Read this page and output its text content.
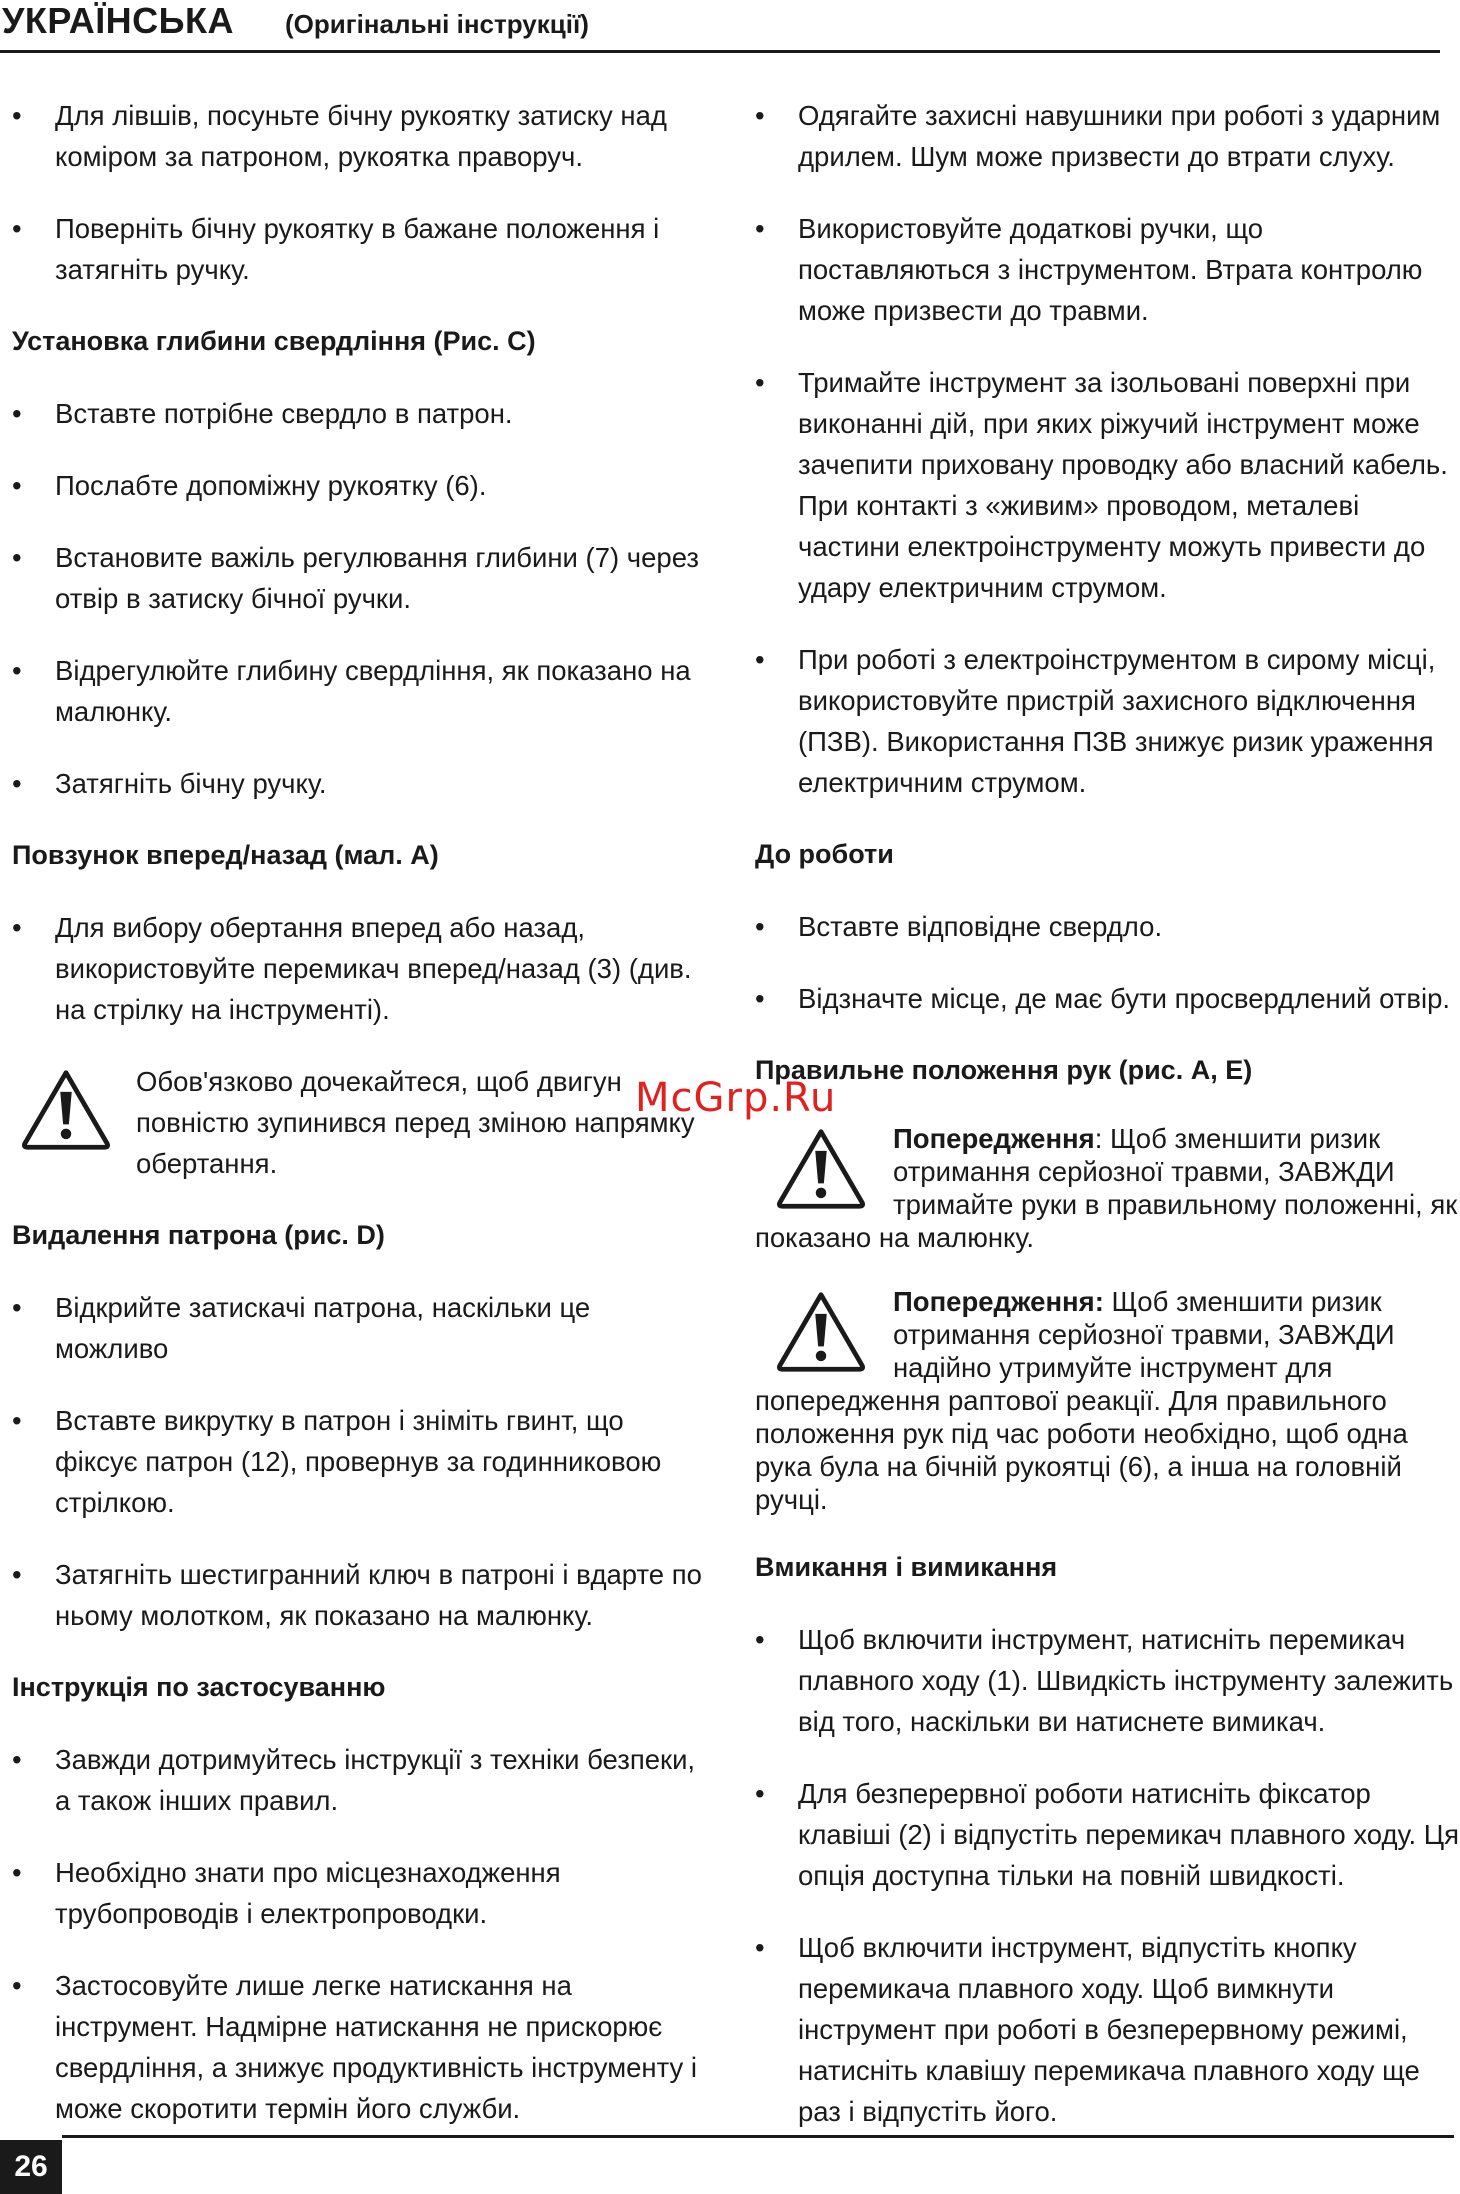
УКРАЇНСЬКА (Оригінальні інструкції)
•	Для лівшів, посуньте бічну рукоятку затиску над коміром за патроном, рукоятка праворуч.
•	Поверніть бічну рукоятку в бажане положення і затягніть ручку.
Установка глибини свердління (Рис. C)
•	Вставте потрібне свердло в патрон.
•	Послабте допоміжну рукоятку (6).
•	Встановите важіль регулювання глибини (7) через отвір в затиску бічної ручки.
•	Відрегулюйте глибину свердління, як показано на малюнку.
•	Затягніть бічну ручку.
Повзунок вперед/назад (мал. A)
•	Для вибору обертання вперед або назад, використовуйте перемикач вперед/назад (3) (див. на стрілку на інструменті).
Обов'язково дочекайтеся, щоб двигун повністю зупинився перед зміною напрямку обертання.
Видалення патрона (рис. D)
•	Відкрийте затискачі патрона, наскільки це можливо
•	Вставте викрутку в патрон і зніміть гвинт, що фіксує патрон (12), провернув за годинниковою стрілкою.
•	Затягніть шестигранний ключ в патроні і вдарте по ньому молотком, як показано на малюнку.
Інструкція по застосуванню
•	Завжди дотримуйтесь інструкції з техніки безпеки, а також інших правил.
•	Необхідно знати про місцезнаходження трубопроводів і електропроводки.
•	Застосовуйте лише легке натискання на інструмент. Надмірне натискання не прискорює свердління, а знижує продуктивність інструменту і може скоротити термін його служби.
•	Одягайте захисні навушники при роботі з ударним дрилем. Шум може призвести до втрати слуху.
•	Використовуйте додаткові ручки, що поставляються з інструментом. Втрата контролю може призвести до травми.
•	Тримайте інструмент за ізольовані поверхні при виконанні дій, при яких ріжучий інструмент може зачепити приховану проводку або власний кабель. При контакті з «живим» проводом, металеві частини електроінструменту можуть привести до удару електричним струмом.
•	При роботі з електроінструментом в сирому місці, використовуйте пристрій захисного відключення (ПЗВ). Використання ПЗВ знижує ризик ураження електричним струмом.
До роботи
•	Вставте відповідне свердло.
•	Відзначте місце, де має бути просвердлений отвір.
Правильне положення рук (рис. A, E)
Попередження: Щоб зменшити ризик отримання серйозної травми, ЗАВЖДИ тримайте руки в правильному положенні, як показано на малюнку.
Попередження: Щоб зменшити ризик отримання серйозної травми, ЗАВЖДИ надійно утримуйте інструмент для попередження раптової реакції. Для правильного положення рук під час роботи необхідно, щоб одна рука була на бічній рукоятці (6), а інша на головній ручці.
Вмикання і вимикання
•	Щоб включити інструмент, натисніть перемикач плавного ходу (1). Швидкість інструменту залежить від того, наскільки ви натиснете вимикач.
•	Для безперервної роботи натисніть фіксатор клавіші (2) і відпустіть перемикач плавного ходу. Ця опція доступна тільки на повній швидкості.
•	Щоб включити інструмент, відпустіть кнопку перемикача плавного ходу. Щоб вимкнути інструмент при роботі в безперервному режимі, натисніть клавішу перемикача плавного ходу ще раз і відпустіть його.
McGrp.Ru
26
